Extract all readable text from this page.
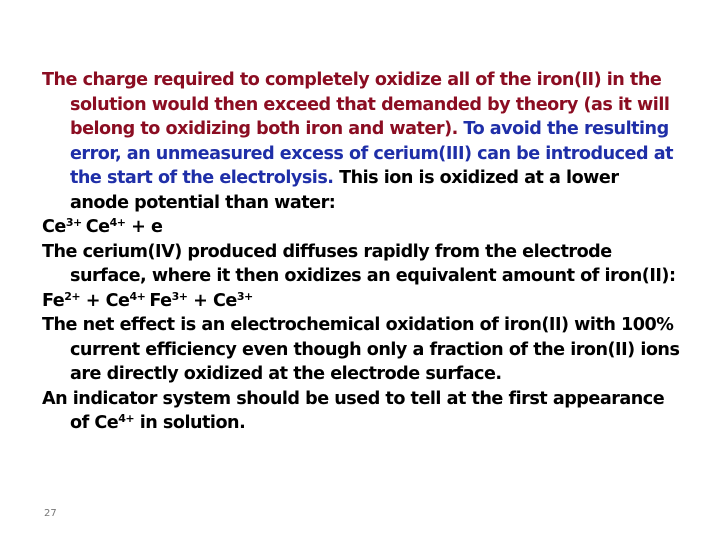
The charge required to completely oxidize all of the iron(II) in the solution would then exceed that demanded by theory (as it will belong to oxidizing both iron and water). To avoid the resulting error, an unmeasured excess of cerium(III) can be introduced at the start of the electrolysis. This ion is oxidized at a lower anode potential than water:

$Ce^{3+}$ $Ce^{4+} + e$

The cerium(IV) produced diffuses rapidly from the electrode surface, where it then oxidizes an equivalent amount of iron(II):

$Fe^{2+} + Ce^{4+}$ $Fe^{3+} + Ce^{3+}$

The net effect is an electrochemical oxidation of iron(II) with 100% current efficiency even though only a fraction of the iron(II) ions are directly oxidized at the electrode surface.

An indicator system should be used to tell at the first appearance of $Ce^{4+}$ in solution.

27
